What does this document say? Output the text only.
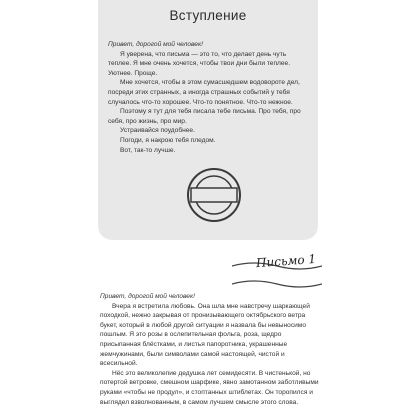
Вступление

Привет, дорогой мой человек!

Я уверена, что письма — это то, что делает день чуть теплее. Я мне очень хочется, чтобы твои дни были теплее. Уютнее. Проще.

Мне хочется, чтобы в этом сумасшедшем водовороте дел, посреди этих странных, а иногда страшных событий у тебя случалось что-то хорошее. Что-то понятное. Что-то нежное.

Поэтому я тут для тебя писала тебе письма. Про тебя, про себя, про жизнь, про мир.

Устраивайся поудобнее.

Погоди, я накрою тебя пледом.

Вот, так-то лучше.

Письмо 1

Привет, дорогой мой человек!

Вчера я встретила любовь. Она шла мне навстречу шаркающей походкой, нежно закрывая от пронизывающего октябрьского ветра букет, который в любой другой ситуации я назвала бы невыносимо пошлым. Я это розы в ослепительная фольга, роза, щедро присыпанная блёстками, и листья папоротника, украшенные жемчужинами, были символами самой настоящей, чистой и всесильной.

Нёс это великолепие дедушка лет семидесяти. В чистенькой, но потертой ветровке, смешном шарфике, явно замотанном заботливыми руками «чтобы не продул», и стоптанных штиблетах. Он торопился и выглядел взволнованным, в самом лучшем смысле этого слова.
